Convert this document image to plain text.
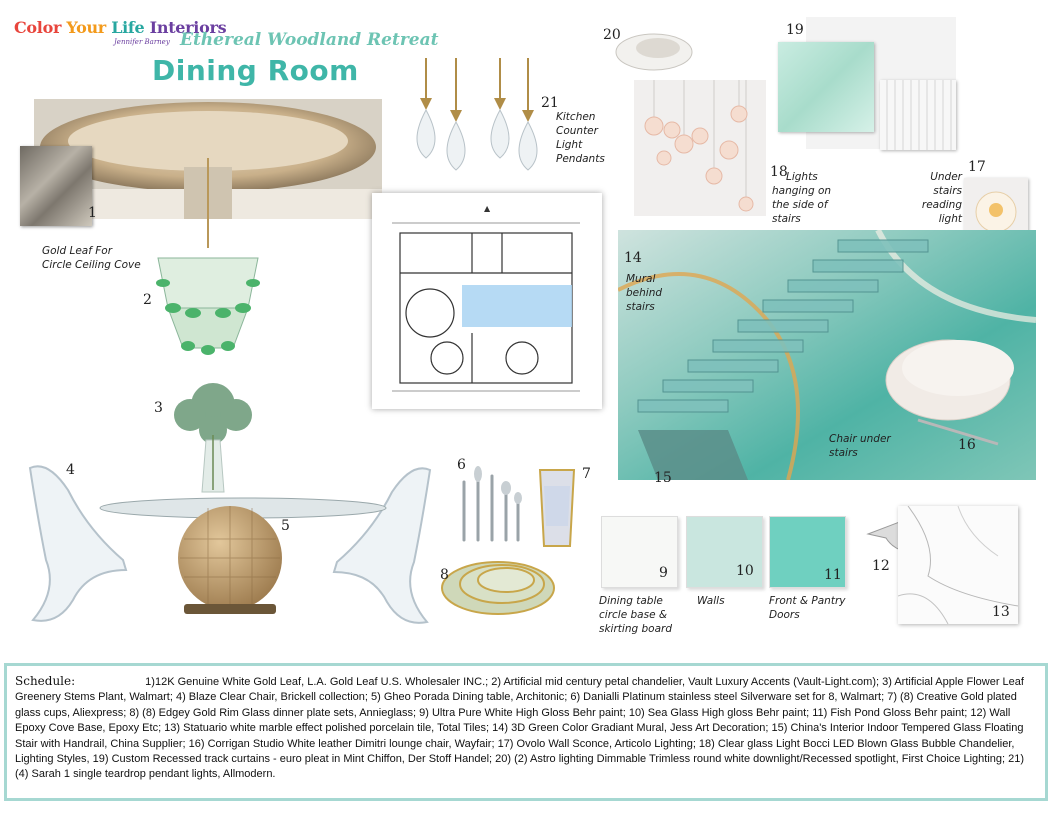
Color Your Life Interiors
Jennifer Barney Ethereal Woodland Retreat
Dining Room
1
Gold Leaf For Circle Ceiling Cove
2
3
4
5
6
7
8
▲
21
Kitchen Counter Light Pendants
20
18
Lights hanging on the side of stairs
19
Under stairs reading light
17
14
Mural behind stairs
15
Chair under stairs	16
9
Dining table circle base & skirting board
10
Walls
11
Front & Pantry Doors
12
13
Schedule:	1)12K Genuine White Gold Leaf, L.A. Gold Leaf U.S. Wholesaler INC.; 2) Artificial mid century petal chandelier, Vault Luxury Accents (Vault-Light.com); 3) Artificial Apple Flower Leaf Greenery Stems Plant, Walmart; 4) Blaze Clear Chair, Brickell collection; 5) Gheo Porada Dining table, Architonic; 6) Danialli Platinum stainless steel Silverware set for 8, Walmart; 7) (8) Creative Gold plated glass cups, Aliexpress; 8) (8) Edgey Gold Rim Glass dinner plate sets, Annieglass; 9) Ultra Pure White High Gloss Behr paint; 10) Sea Glass High gloss Behr paint; 11) Fish Pond Gloss Behr paint; 12) Wall Epoxy Cove Base, Epoxy Etc; 13) Statuario white marble effect polished porcelain tile, Total Tiles; 14) 3D Green Color Gradiant Mural, Jess Art Decoration; 15) China's Interior Indoor Tempered Glass Floating Stair with Handrail, China Supplier; 16) Corrigan Studio White leather Dimitri lounge chair, Wayfair; 17) Ovolo Wall Sconce, Articolo Lighting; 18) Clear glass Light Bocci LED Blown Glass Bubble Chandelier, Lighting Styles, 19) Custom Recessed track curtains - euro pleat in Mint Chiffon, Der Stoff Handel; 20) (2) Astro lighting Dimmable Trimless round white downlight/Recessed spotlight, First Choice Lighting; 21) (4) Sarah 1 single teardrop pendant lights, Allmodern.
